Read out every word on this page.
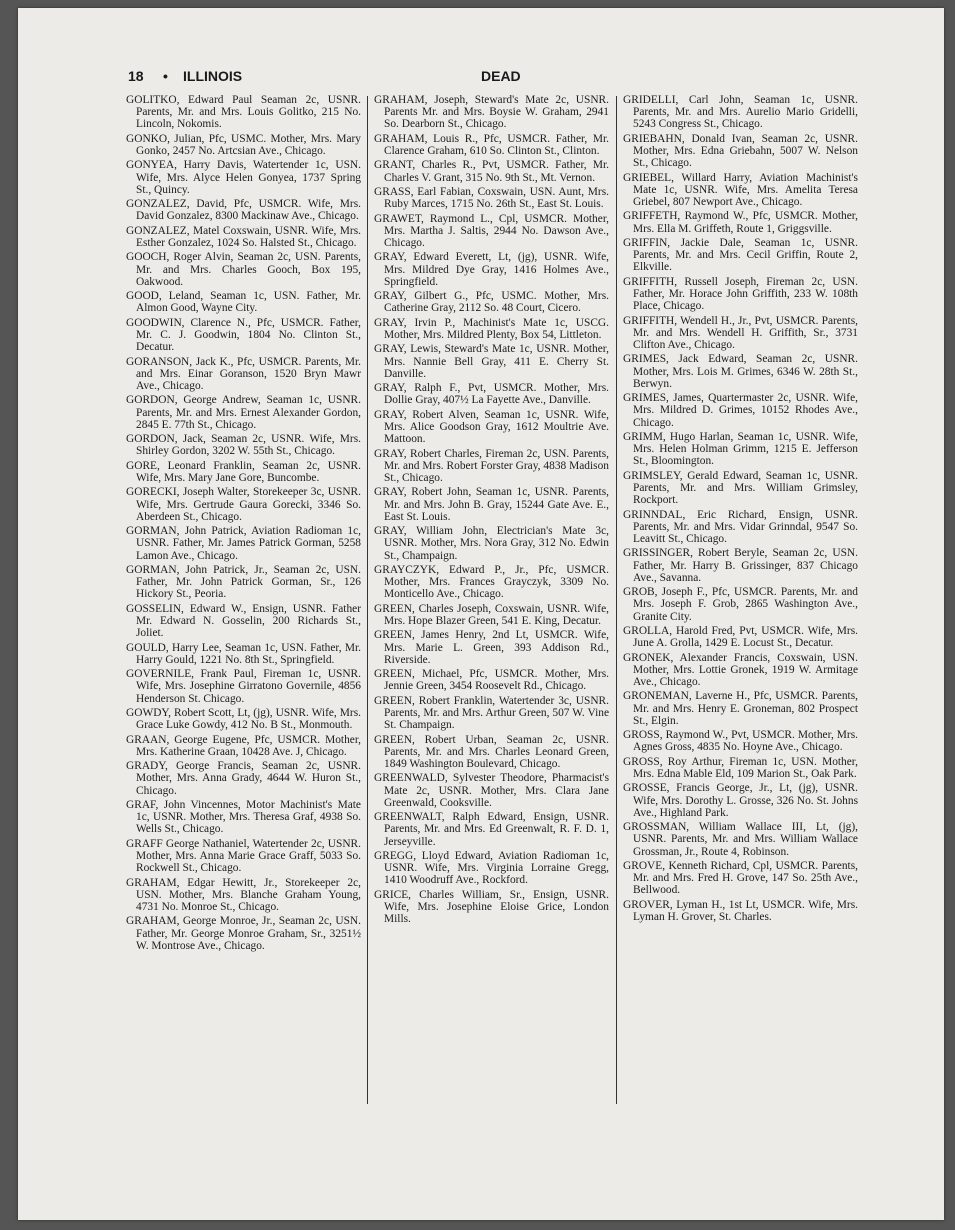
18 • ILLINOIS	DEAD

GOLITKO, Edward Paul Seaman 2c, USNR. Parents, Mr. and Mrs. Louis Golitko, 215 No. Lincoln, Nokomis.

GONKO, Julian, Pfc, USMC. Mother, Mrs. Mary Gonko, 2457 No. Artcsian Ave., Chicago.

GONYEA, Harry Davis, Watertender 1c, USN. Wife, Mrs. Alyce Helen Gonyea, 1737 Spring St., Quincy.

GONZALEZ, David, Pfc, USMCR. Wife, Mrs. David Gonzalez, 8300 Mackinaw Ave., Chicago.

GONZALEZ, Matel Coxswain, USNR. Wife, Mrs. Esther Gonzalez, 1024 So. Halsted St., Chicago.

GOOCH, Roger Alvin, Seaman 2c, USN. Parents, Mr. and Mrs. Charles Gooch, Box 195, Oakwood.

GOOD, Leland, Seaman 1c, USN. Father, Mr. Almon Good, Wayne City.

GOODWIN, Clarence N., Pfc, USMCR. Father, Mr. C. J. Goodwin, 1804 No. Clinton St., Decatur.

GORANSON, Jack K., Pfc, USMCR. Parents, Mr. and Mrs. Einar Goranson, 1520 Bryn Mawr Ave., Chicago.

GORDON, George Andrew, Seaman 1c, USNR. Parents, Mr. and Mrs. Ernest Alexander Gordon, 2845 E. 77th St., Chicago.

GORDON, Jack, Seaman 2c, USNR. Wife, Mrs. Shirley Gordon, 3202 W. 55th St., Chicago.

GORE, Leonard Franklin, Seaman 2c, USNR. Wife, Mrs. Mary Jane Gore, Buncombe.

GORECKI, Joseph Walter, Storekeeper 3c, USNR. Wife, Mrs. Gertrude Gaura Gorecki, 3346 So. Aberdeen St., Chicago.

GORMAN, John Patrick, Aviation Radioman 1c, USNR. Father, Mr. James Patrick Gorman, 5258 Lamon Ave., Chicago.

GORMAN, John Patrick, Jr., Seaman 2c, USN. Father, Mr. John Patrick Gorman, Sr., 126 Hickory St., Peoria.

GOSSELIN, Edward W., Ensign, USNR. Father Mr. Edward N. Gosselin, 200 Richards St., Joliet.

GOULD, Harry Lee, Seaman 1c, USN. Father, Mr. Harry Gould, 1221 No. 8th St., Springfield.

GOVERNILE, Frank Paul, Fireman 1c, USNR. Wife, Mrs. Josephine Girratono Governile, 4856 Henderson St. Chicago.

GOWDY, Robert Scott, Lt, (jg), USNR. Wife, Mrs. Grace Luke Gowdy, 412 No. B St., Monmouth.

GRAAN, George Eugene, Pfc, USMCR. Mother, Mrs. Katherine Graan, 10428 Ave. J, Chicago.

GRADY, George Francis, Seaman 2c, USNR. Mother, Mrs. Anna Grady, 4644 W. Huron St., Chicago.

GRAF, John Vincennes, Motor Machinist's Mate 1c, USNR. Mother, Mrs. Theresa Graf, 4938 So. Wells St., Chicago.

GRAFF George Nathaniel, Watertender 2c, USNR. Mother, Mrs. Anna Marie Grace Graff, 5033 So. Rockwell St., Chicago.

GRAHAM, Edgar Hewitt, Jr., Storekeeper 2c, USN. Mother, Mrs. Blanche Graham Young, 4731 No. Monroe St., Chicago.

GRAHAM, George Monroe, Jr., Seaman 2c, USN. Father, Mr. George Monroe Graham, Sr., 3251½ W. Montrose Ave., Chicago.

GRAHAM, Joseph, Steward's Mate 2c, USNR. Parents Mr. and Mrs. Boysie W. Graham, 2941 So. Dearborn St., Chicago.

GRAHAM, Louis R., Pfc, USMCR. Father, Mr. Clarence Graham, 610 So. Clinton St., Clinton.

GRANT, Charles R., Pvt, USMCR. Father, Mr. Charles V. Grant, 315 No. 9th St., Mt. Vernon.

GRASS, Earl Fabian, Coxswain, USN. Aunt, Mrs. Ruby Marces, 1715 No. 26th St., East St. Louis.

GRAWET, Raymond L., Cpl, USMCR. Mother, Mrs. Martha J. Saltis, 2944 No. Dawson Ave., Chicago.

GRAY, Edward Everett, Lt, (jg), USNR. Wife, Mrs. Mildred Dye Gray, 1416 Holmes Ave., Springfield.

GRAY, Gilbert G., Pfc, USMC. Mother, Mrs. Catherine Gray, 2112 So. 48 Court, Cicero.

GRAY, Irvin P., Machinist's Mate 1c, USCG. Mother, Mrs. Mildred Plenty, Box 54, Littleton.

GRAY, Lewis, Steward's Mate 1c, USNR. Mother, Mrs. Nannie Bell Gray, 411 E. Cherry St. Danville.

GRAY, Ralph F., Pvt, USMCR. Mother, Mrs. Dollie Gray, 407½ La Fayette Ave., Danville.

GRAY, Robert Alven, Seaman 1c, USNR. Wife, Mrs. Alice Goodson Gray, 1612 Moultrie Ave. Mattoon.

GRAY, Robert Charles, Fireman 2c, USN. Parents, Mr. and Mrs. Robert Forster Gray, 4838 Madison St., Chicago.

GRAY, Robert John, Seaman 1c, USNR. Parents, Mr. and Mrs. John B. Gray, 15244 Gate Ave. E., East St. Louis.

GRAY, William John, Electrician's Mate 3c, USNR. Mother, Mrs. Nora Gray, 312 No. Edwin St., Champaign.

GRAYCZYK, Edward P., Jr., Pfc, USMCR. Mother, Mrs. Frances Grayczyk, 3309 No. Monticello Ave., Chicago.

GREEN, Charles Joseph, Coxswain, USNR. Wife, Mrs. Hope Blazer Green, 541 E. King, Decatur.

GREEN, James Henry, 2nd Lt, USMCR. Wife, Mrs. Marie L. Green, 393 Addison Rd., Riverside.

GREEN, Michael, Pfc, USMCR. Mother, Mrs. Jennie Green, 3454 Roosevelt Rd., Chicago.

GREEN, Robert Franklin, Watertender 3c, USNR. Parents, Mr. and Mrs. Arthur Green, 507 W. Vine St. Champaign.

GREEN, Robert Urban, Seaman 2c, USNR. Parents, Mr. and Mrs. Charles Leonard Green, 1849 Washington Boulevard, Chicago.

GREENWALD, Sylvester Theodore, Pharmacist's Mate 2c, USNR. Mother, Mrs. Clara Jane Greenwald, Cooksville.

GREENWALT, Ralph Edward, Ensign, USNR. Parents, Mr. and Mrs. Ed Greenwalt, R. F. D. 1, Jerseyville.

GREGG, Lloyd Edward, Aviation Radioman 1c, USNR. Wife, Mrs. Virginia Lorraine Gregg, 1410 Woodruff Ave., Rockford.

GRICE, Charles William, Sr., Ensign, USNR. Wife, Mrs. Josephine Eloise Grice, London Mills.

GRIDELLI, Carl John, Seaman 1c, USNR. Parents, Mr. and Mrs. Aurelio Mario Gridelli, 5243 Congress St., Chicago.

GRIEBAHN, Donald Ivan, Seaman 2c, USNR. Mother, Mrs. Edna Griebahn, 5007 W. Nelson St., Chicago.

GRIEBEL, Willard Harry, Aviation Machinist's Mate 1c, USNR. Wife, Mrs. Amelita Teresa Griebel, 807 Newport Ave., Chicago.

GRIFFETH, Raymond W., Pfc, USMCR. Mother, Mrs. Ella M. Griffeth, Route 1, Griggsville.

GRIFFIN, Jackie Dale, Seaman 1c, USNR. Parents, Mr. and Mrs. Cecil Griffin, Route 2, Elkville.

GRIFFITH, Russell Joseph, Fireman 2c, USN. Father, Mr. Horace John Griffith, 233 W. 108th Place, Chicago.

GRIFFITH, Wendell H., Jr., Pvt, USMCR. Parents, Mr. and Mrs. Wendell H. Griffith, Sr., 3731 Clifton Ave., Chicago.

GRIMES, Jack Edward, Seaman 2c, USNR. Mother, Mrs. Lois M. Grimes, 6346 W. 28th St., Berwyn.

GRIMES, James, Quartermaster 2c, USNR. Wife, Mrs. Mildred D. Grimes, 10152 Rhodes Ave., Chicago.

GRIMM, Hugo Harlan, Seaman 1c, USNR. Wife, Mrs. Helen Holman Grimm, 1215 E. Jefferson St., Bloomington.

GRIMSLEY, Gerald Edward, Seaman 1c, USNR. Parents, Mr. and Mrs. William Grimsley, Rockport.

GRINNDAL, Eric Richard, Ensign, USNR. Parents, Mr. and Mrs. Vidar Grinndal, 9547 So. Leavitt St., Chicago.

GRISSINGER, Robert Beryle, Seaman 2c, USN. Father, Mr. Harry B. Grissinger, 837 Chicago Ave., Savanna.

GROB, Joseph F., Pfc, USMCR. Parents, Mr. and Mrs. Joseph F. Grob, 2865 Washington Ave., Granite City.

GROLLA, Harold Fred, Pvt, USMCR. Wife, Mrs. June A. Grolla, 1429 E. Locust St., Decatur.

GRONEK, Alexander Francis, Coxswain, USN. Mother, Mrs. Lottie Gronek, 1919 W. Armitage Ave., Chicago.

GRONEMAN, Laverne H., Pfc, USMCR. Parents, Mr. and Mrs. Henry E. Groneman, 802 Prospect St., Elgin.

GROSS, Raymond W., Pvt, USMCR. Mother, Mrs. Agnes Gross, 4835 No. Hoyne Ave., Chicago.

GROSS, Roy Arthur, Fireman 1c, USN. Mother, Mrs. Edna Mable Eld, 109 Marion St., Oak Park.

GROSSE, Francis George, Jr., Lt, (jg), USNR. Wife, Mrs. Dorothy L. Grosse, 326 No. St. Johns Ave., Highland Park.

GROSSMAN, William Wallace III, Lt, (jg), USNR. Parents, Mr. and Mrs. William Wallace Grossman, Jr., Route 4, Robinson.

GROVE, Kenneth Richard, Cpl, USMCR. Parents, Mr. and Mrs. Fred H. Grove, 147 So. 25th Ave., Bellwood.

GROVER, Lyman H., 1st Lt, USMCR. Wife, Mrs. Lyman H. Grover, St. Charles.
